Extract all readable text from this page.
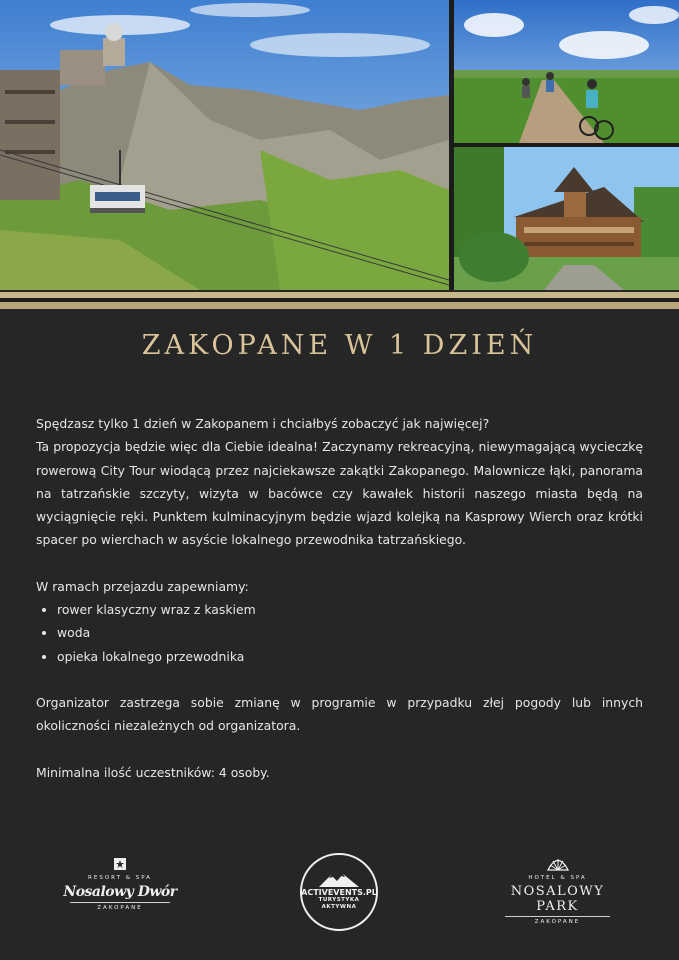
ZAKOPANE W 1 DZIEŃ

Spędzasz tylko 1 dzień w Zakopanem i chciałbyś zobaczyć jak najwięcej?

Ta propozycja będzie więc dla Ciebie idealna! Zaczynamy rekreacyjną, niewymagającą wycieczkę rowerową City Tour wiodącą przez najciekawsze zakątki Zakopanego. Malownicze łąki, panorama na tatrzańskie szczyty, wizyta w bacówce czy kawałek historii naszego miasta będą na wyciągnięcie ręki. Punktem kulminacyjnym będzie wjazd kolejką na Kasprowy Wierch oraz krótki spacer po wierchach w asyście lokalnego przewodnika tatrzańskiego.

W ramach przejazdu zapewniamy:

• rower klasyczny wraz z kaskiem
• woda
• opieka lokalnego przewodnika

Organizator zastrzega sobie zmianę w programie w przypadku złej pogody lub innych okoliczności niezależnych od organizatora.

Minimalna ilość uczestników: 4 osoby.

RESORT & SPA
Nosalowy Dwór
ZAKOPANE
ACTIVEVENTS.PL
TURYSTYKA
AKTYWNA
HOTEL & SPA
NOSALOWY PARK
ZAKOPANE
